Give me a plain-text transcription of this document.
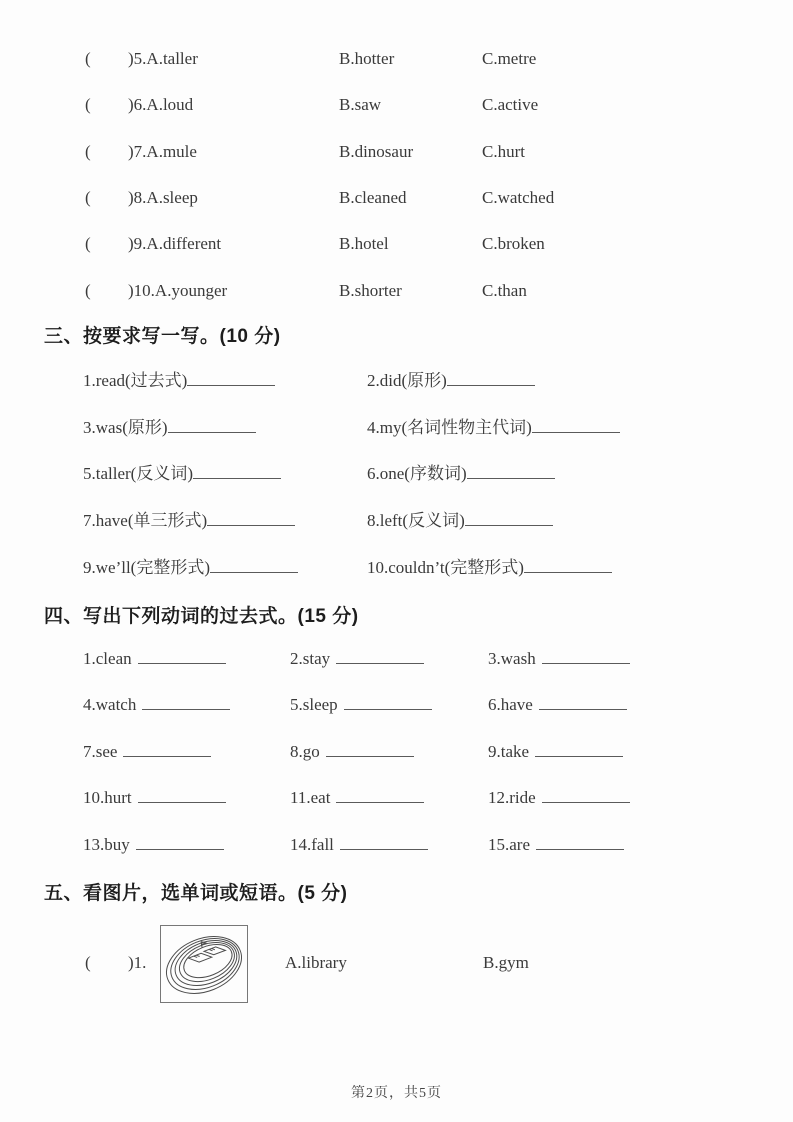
( )5.A.taller	B.hotter	C.metre
( )6.A.loud	B.saw	C.active
( )7.A.mule	B.dinosaur	C.hurt
( )8.A.sleep	B.cleaned	C.watched
( )9.A.different	B.hotel	C.broken
( )10.A.younger	B.shorter	C.than
三、按要求写一写。(10 分)
1.read(过去式)	2.did(原形)
3.was(原形)	4.my(名词性物主代词)
5.taller(反义词)	6.one(序数词)
7.have(单三形式)	8.left(反义词)
9.we’ll(完整形式)	10.couldn’t(完整形式)
四、写出下列动词的过去式。(15 分)
1.clean	2.stay	3.wash
4.watch	5.sleep	6.have
7.see	8.go	9.take
10.hurt	11.eat	12.ride
13.buy	14.fall	15.are
五、看图片，选单词或短语。(5 分)
( )1.	A.library	B.gym
第2页，共5页
